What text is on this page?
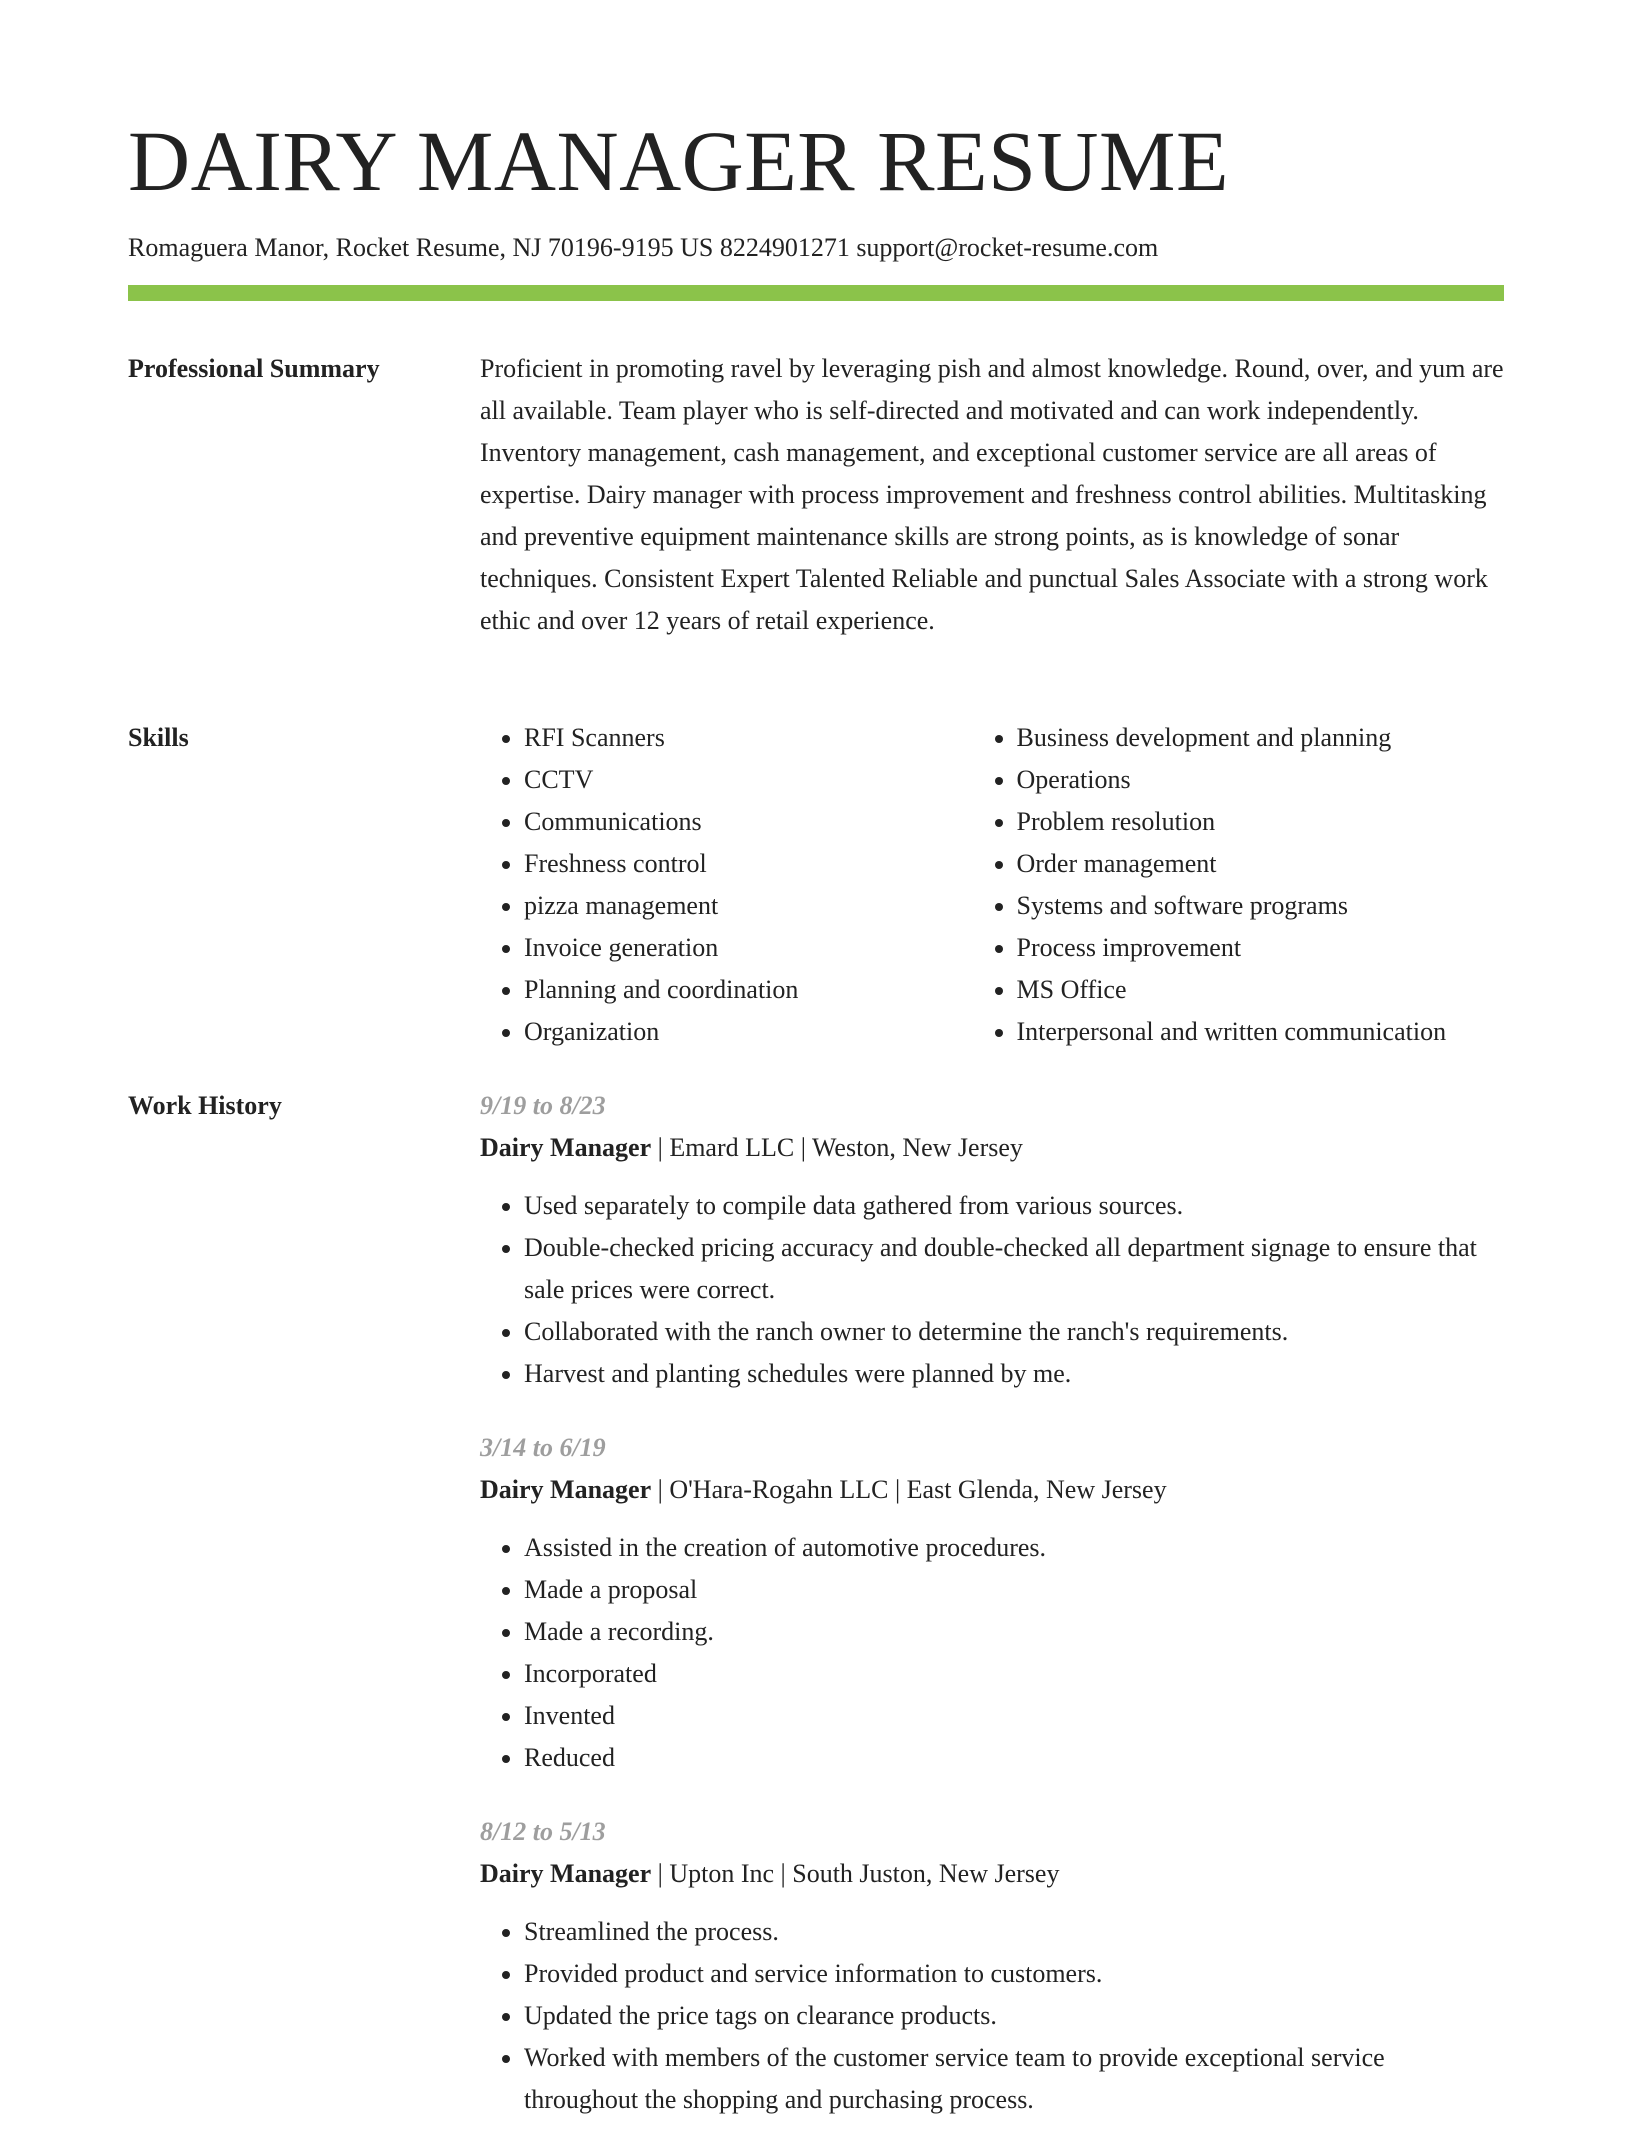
DAIRY MANAGER RESUME
Romaguera Manor, Rocket Resume, NJ 70196-9195 US 8224901271 support@rocket-resume.com
Professional Summary	Proficient in promoting ravel by leveraging pish and almost knowledge. Round, over, and yum are all available. Team player who is self-directed and motivated and can work independently. Inventory management, cash management, and exceptional customer service are all areas of expertise. Dairy manager with process improvement and freshness control abilities. Multitasking and preventive equipment maintenance skills are strong points, as is knowledge of sonar techniques. Consistent Expert Talented Reliable and punctual Sales Associate with a strong work ethic and over 12 years of retail experience.

Skills
•	RFI Scanners
• CCTV
• Communications
• Freshness control
• pizza management
• Invoice generation
• Planning and coordination
• Organization
• Business development and planning
• Operations
• Problem resolution
• Order management
• Systems and software programs
• Process improvement
• MS Office
• Interpersonal and written communication
Work History	9/19 to 8/23
Dairy Manager | Emard LLC | Weston, New Jersey
• Used separately to compile data gathered from various sources.
• Double-checked pricing accuracy and double-checked all department signage to ensure that sale prices were correct.
• Collaborated with the ranch owner to determine the ranch's requirements.
• Harvest and planting schedules were planned by me.
3/14 to 6/19
Dairy Manager | O'Hara-Rogahn LLC | East Glenda, New Jersey
• Assisted in the creation of automotive procedures.
• Made a proposal
• Made a recording.
• Incorporated
• Invented
• Reduced
8/12 to 5/13
Dairy Manager | Upton Inc | South Juston, New Jersey
• Streamlined the process.
• Provided product and service information to customers.
• Updated the price tags on clearance products.
• Worked with members of the customer service team to provide exceptional service throughout the shopping and purchasing process.
